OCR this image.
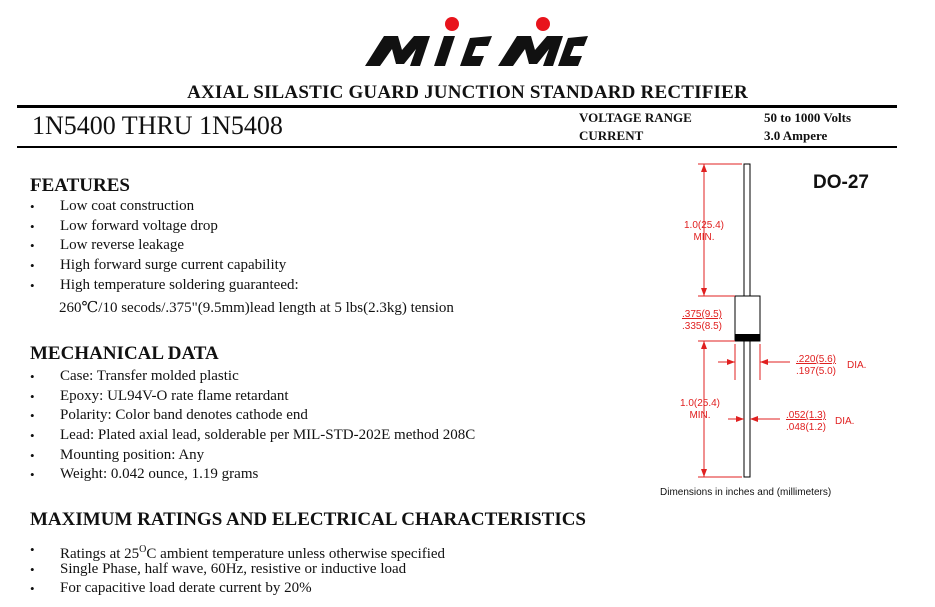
AXIAL SILASTIC GUARD JUNCTION STANDARD RECTIFIER
1N5400 THRU 1N5408	VOLTAGE RANGE
CURRENT
50 to 1000 Volts
3.0 Ampere
FEATURES
• Low coat construction
• Low forward voltage drop
• Low reverse leakage
• High forward surge current capability
• High temperature soldering guaranteed:
260℃/10 secods/.375"(9.5mm)lead length at 5 lbs(2.3kg) tension
MECHANICAL DATA
• Case: Transfer molded plastic
• Epoxy: UL94V-O rate flame retardant
• Polarity: Color band denotes cathode end
• Lead: Plated axial lead, solderable per MIL-STD-202E method 208C
• Mounting position: Any
• Weight: 0.042 ounce, 1.19 grams
MAXIMUM RATINGS AND ELECTRICAL CHARACTERISTICS
• Ratings at $25^OC$ ambient temperature unless otherwise specified
• Single Phase, half wave, 60Hz, resistive or inductive load
• For capacitive load derate current by 20%
DO-27
1.0(25.4)
MIN.
.375(9.5)
.335(8.5)
.220(5.6)
.197(5.0)
DIA.
1.0(25.4)
MIN.	.052(1.3)
.048(1.2)
DIA.
Dimensions in inches and (millimeters)
